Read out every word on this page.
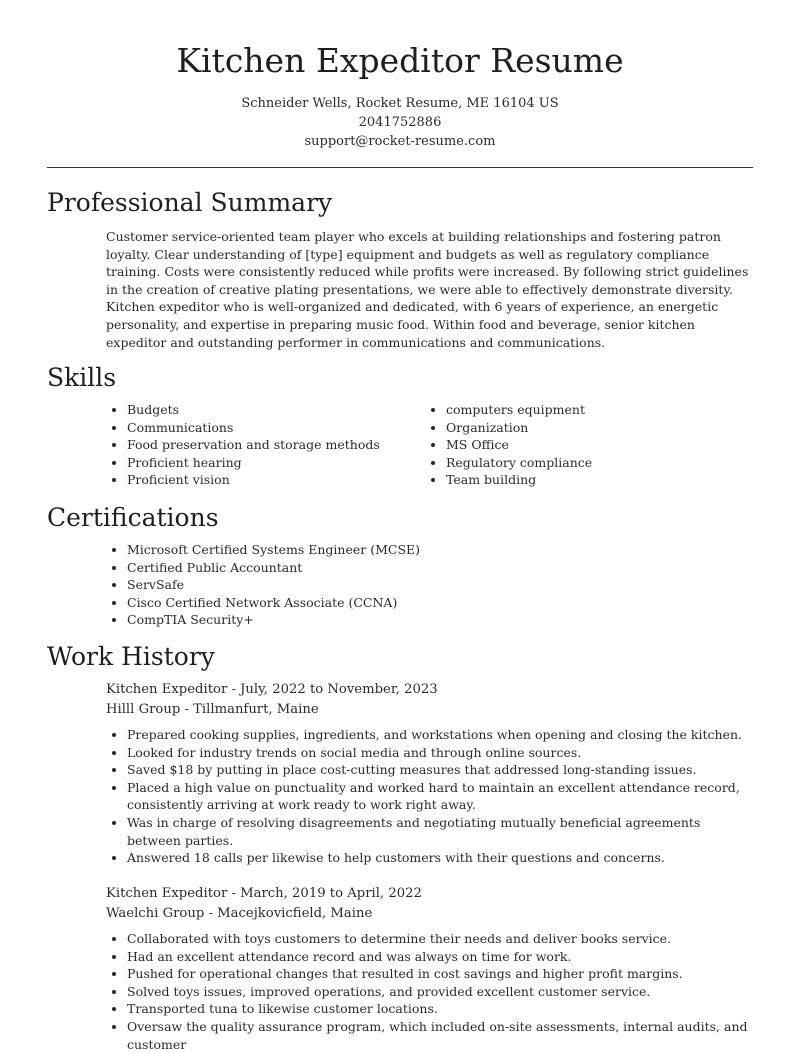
Kitchen Expeditor Resume
Schneider Wells, Rocket Resume, ME 16104 US
2041752886
support@rocket-resume.com
Professional Summary

Customer service-oriented team player who excels at building relationships and fostering patron loyalty. Clear understanding of [type] equipment and budgets as well as regulatory compliance training. Costs were consistently reduced while profits were increased. By following strict guidelines in the creation of creative plating presentations, we were able to effectively demonstrate diversity. Kitchen expeditor who is well-organized and dedicated, with 6 years of experience, an energetic personality, and expertise in preparing music food. Within food and beverage, senior kitchen expeditor and outstanding performer in communications and communications.

Skills
• Budgets
• Communications
• Food preservation and storage methods
• Proficient hearing
• Proficient vision
• computers equipment
• Organization
• MS Office
• Regulatory compliance
• Team building
Certifications
• Microsoft Certified Systems Engineer (MCSE)
• Certified Public Accountant
• ServSafe
• Cisco Certified Network Associate (CCNA)
• CompTIA Security+
Work History
Kitchen Expeditor - July, 2022 to November, 2023
Hilll Group - Tillmanfurt, Maine
• Prepared cooking supplies, ingredients, and workstations when opening and closing the kitchen.
• Looked for industry trends on social media and through online sources.
• Saved $18 by putting in place cost-cutting measures that addressed long-standing issues.
• Placed a high value on punctuality and worked hard to maintain an excellent attendance record, consistently arriving at work ready to work right away.
• Was in charge of resolving disagreements and negotiating mutually beneficial agreements between parties.
• Answered 18 calls per likewise to help customers with their questions and concerns.
Kitchen Expeditor - March, 2019 to April, 2022
Waelchi Group - Macejkovicfield, Maine
• Collaborated with toys customers to determine their needs and deliver books service.
• Had an excellent attendance record and was always on time for work.
• Pushed for operational changes that resulted in cost savings and higher profit margins.
• Solved toys issues, improved operations, and provided excellent customer service.
• Transported tuna to likewise customer locations.
• Oversaw the quality assurance program, which included on-site assessments, internal audits, and customer
